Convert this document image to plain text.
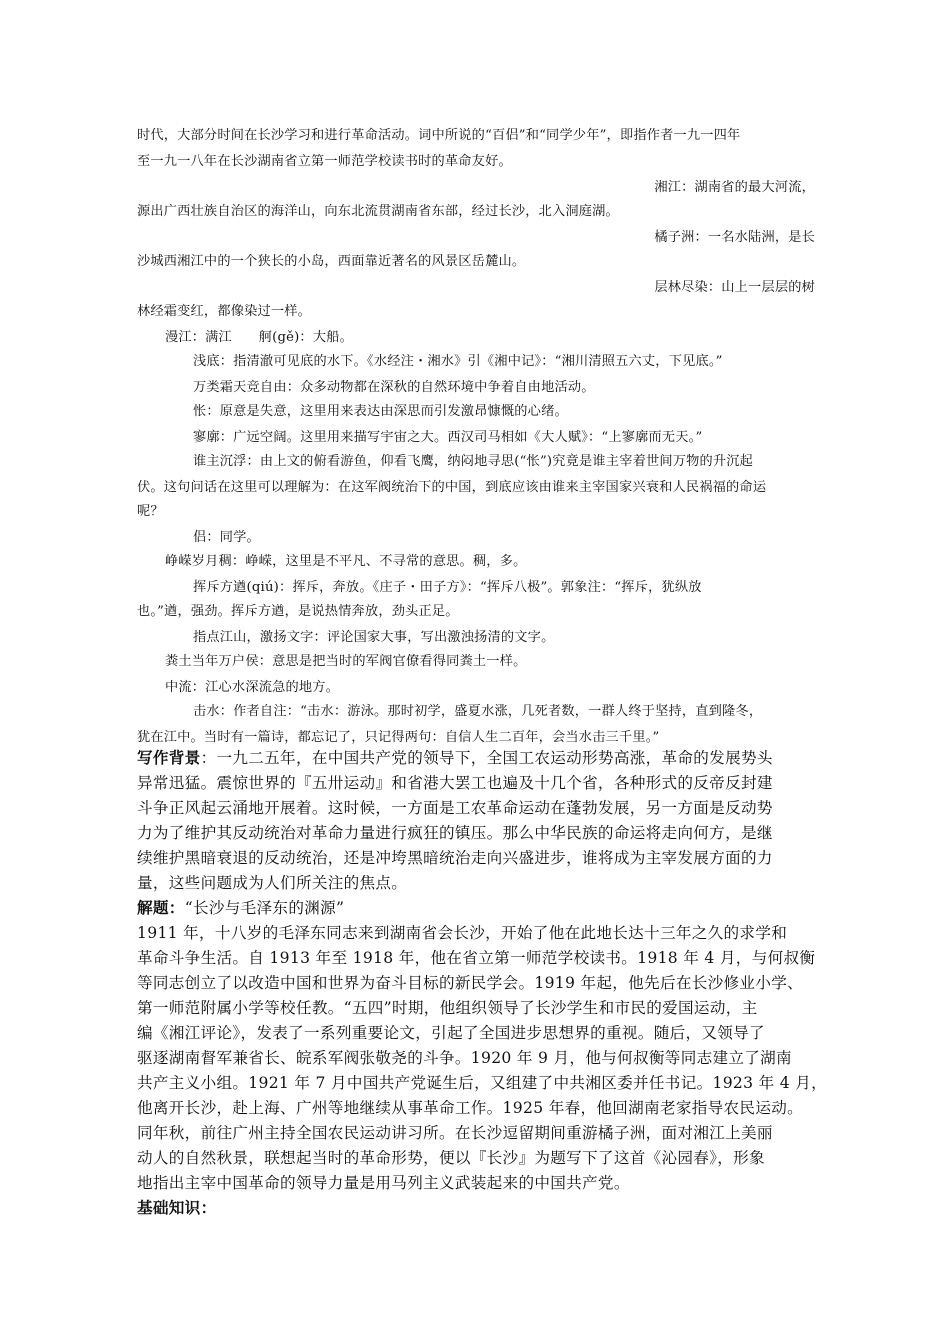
时代，大部分时间在长沙学习和进行革命活动。词中所说的“百侣”和“同学少年”，即指作者一九一四年
至一九一八年在长沙湖南省立第一师范学校读书时的革命友好。
湘江：湖南省的最大河流，
源出广西壮族自治区的海洋山，向东北流贯湖南省东部，经过长沙，北入洞庭湖。
橘子洲：一名水陆洲，是长
沙城西湘江中的一个狭长的小岛，西面靠近著名的风景区岳麓山。
层林尽染：山上一层层的树
林经霜变红，都像染过一样。
漫江：满江　　舸(gě)：大船。
浅底：指清澈可见底的水下。《水经注・湘水》引《湘中记》：“湘川清照五六丈，下见底。”
万类霜天竞自由：众多动物都在深秋的自然环境中争着自由地活动。
怅：原意是失意，这里用来表达由深思而引发激昂慷慨的心绪。
寥廓：广远空阔。这里用来描写宇宙之大。西汉司马相如《大人赋》：“上寥廓而无天。”
谁主沉浮：由上文的俯看游鱼，仰看飞鹰，纳闷地寻思(“怅”)究竟是谁主宰着世间万物的升沉起
伏。这句问话在这里可以理解为：在这军阀统治下的中国，到底应该由谁来主宰国家兴衰和人民祸福的命运
呢？
侣：同学。
峥嵘岁月稠：峥嵘，这里是不平凡、不寻常的意思。稠，多。
挥斥方遒(qiú)：挥斥，奔放。《庄子・田子方》：“挥斥八极”。郭象注：“挥斥，犹纵放
也。”遒，强劲。挥斥方遒，是说热情奔放，劲头正足。
指点江山，激扬文字：评论国家大事，写出激浊扬清的文字。
粪土当年万户侯：意思是把当时的军阀官僚看得同粪土一样。
中流：江心水深流急的地方。
击水：作者自注：“击水：游泳。那时初学，盛夏水涨，几死者数，一群人终于坚持，直到隆冬，
犹在江中。当时有一篇诗，都忘记了，只记得两句：自信人生二百年，会当水击三千里。”
写作背景：一九二五年，在中国共产党的领导下，全国工农运动形势高涨，革命的发展势头
异常迅猛。震惊世界的『五卅运动』和省港大罢工也遍及十几个省，各种形式的反帝反封建
斗争正风起云涌地开展着。这时候，一方面是工农革命运动在蓬勃发展，另一方面是反动势
力为了维护其反动统治对革命力量进行疯狂的镇压。那么中华民族的命运将走向何方，是继
续维护黑暗衰退的反动统治，还是冲垮黑暗统治走向兴盛进步，谁将成为主宰发展方面的力
量，这些问题成为人们所关注的焦点。
解题：“长沙与毛泽东的渊源”
1911 年，十八岁的毛泽东同志来到湖南省会长沙，开始了他在此地长达十三年之久的求学和
革命斗争生活。自 1913 年至 1918 年，他在省立第一师范学校读书。1918 年 4 月，与何叔衡
等同志创立了以改造中国和世界为奋斗目标的新民学会。1919 年起，他先后在长沙修业小学、
第一师范附属小学等校任教。“五四”时期，他组织领导了长沙学生和市民的爱国运动，主
编《湘江评论》，发表了一系列重要论文，引起了全国进步思想界的重视。随后，又领导了
驱逐湖南督军兼省长、皖系军阀张敬尧的斗争。1920 年 9 月，他与何叔衡等同志建立了湖南
共产主义小组。1921 年 7 月中国共产党诞生后，又组建了中共湘区委并任书记。1923 年 4 月，
他离开长沙，赴上海、广州等地继续从事革命工作。1925 年春，他回湖南老家指导农民运动。
同年秋，前往广州主持全国农民运动讲习所。在长沙逗留期间重游橘子洲，面对湘江上美丽
动人的自然秋景，联想起当时的革命形势，便以『长沙』为题写下了这首《沁园春》，形象
地指出主宰中国革命的领导力量是用马列主义武装起来的中国共产党。
基础知识：
